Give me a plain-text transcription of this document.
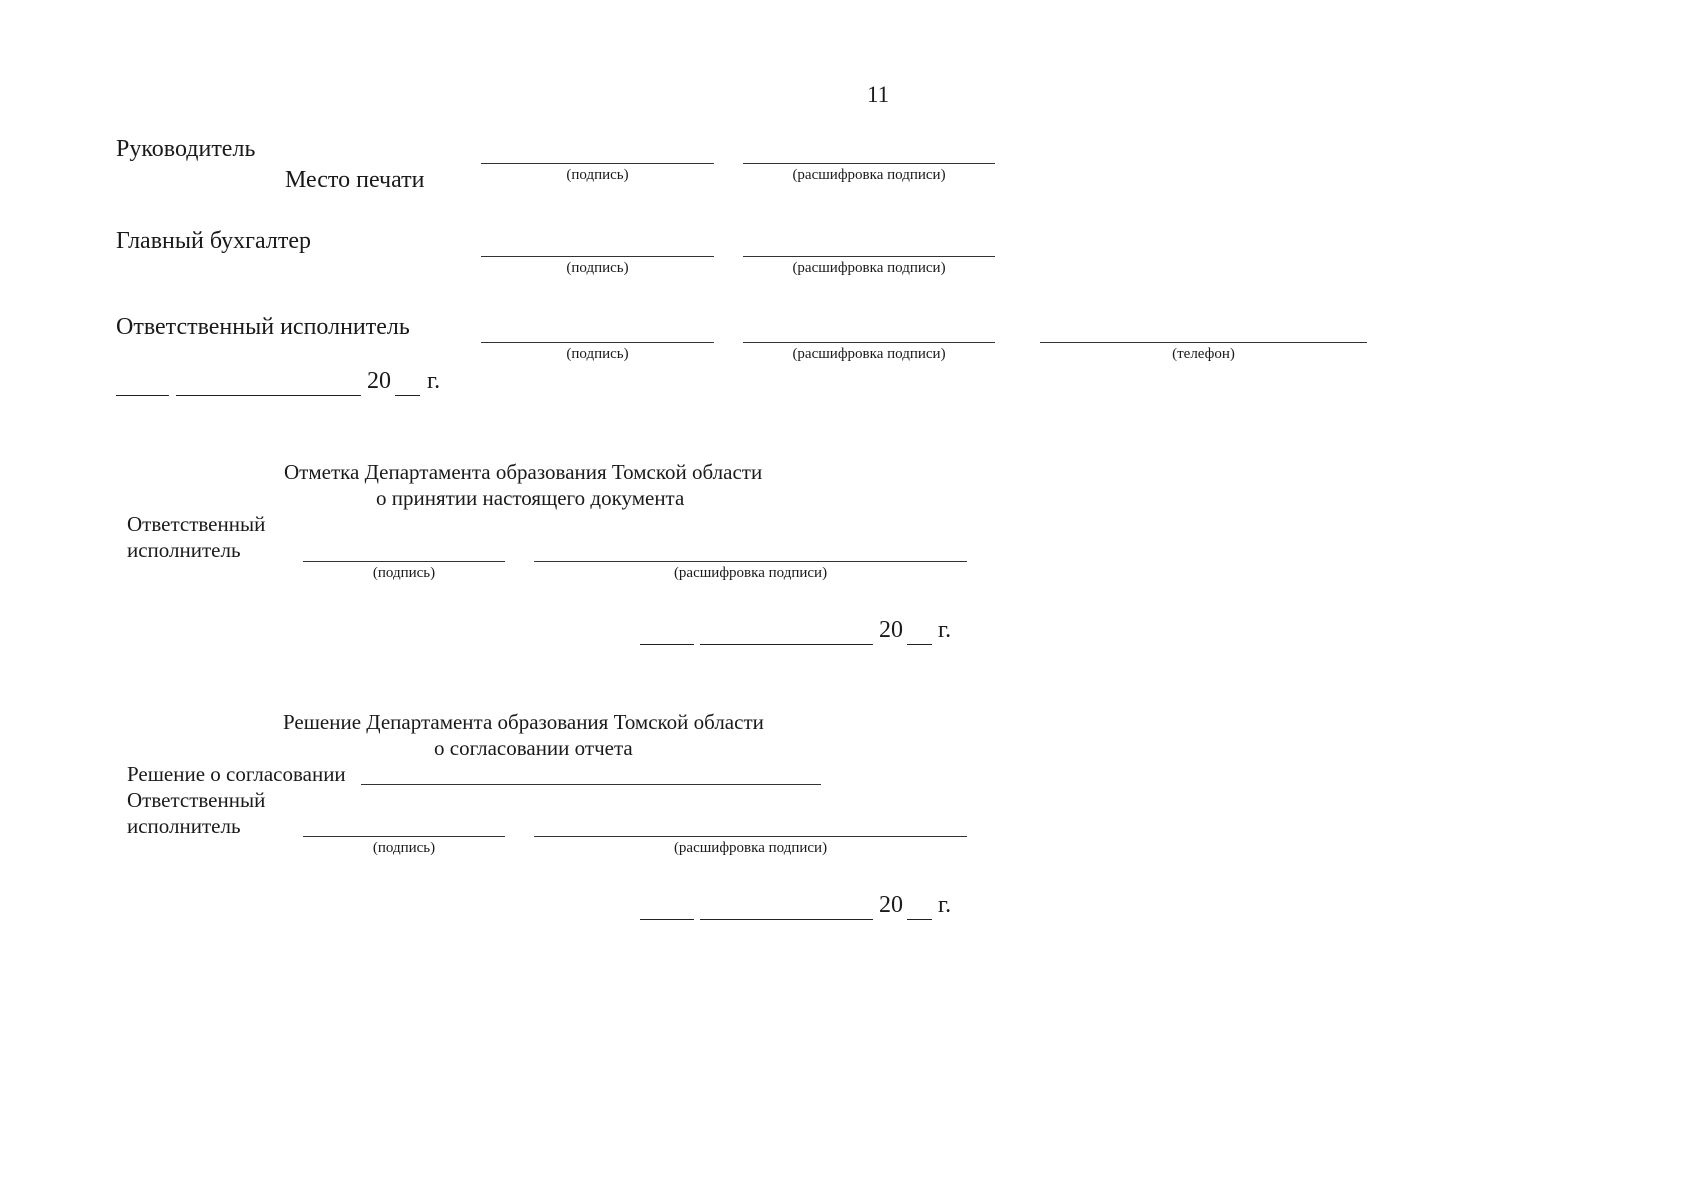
11
Руководитель
Место печати	(подпись)	(расшифровка подписи)
Главный бухгалтер
(подпись)	(расшифровка подписи)
Ответственный исполнитель
(подпись)	(расшифровка подписи)	(телефон)
20 г.
Отметка Департамента образования Томской области
о принятии настоящего документа
Ответственный
исполнитель
(подпись)	(расшифровка подписи)
20 г.
Решение Департамента образования Томской области
о согласовании отчета
Решение о согласовании
Ответственный
исполнитель
(подпись)	(расшифровка подписи)
20 г.
